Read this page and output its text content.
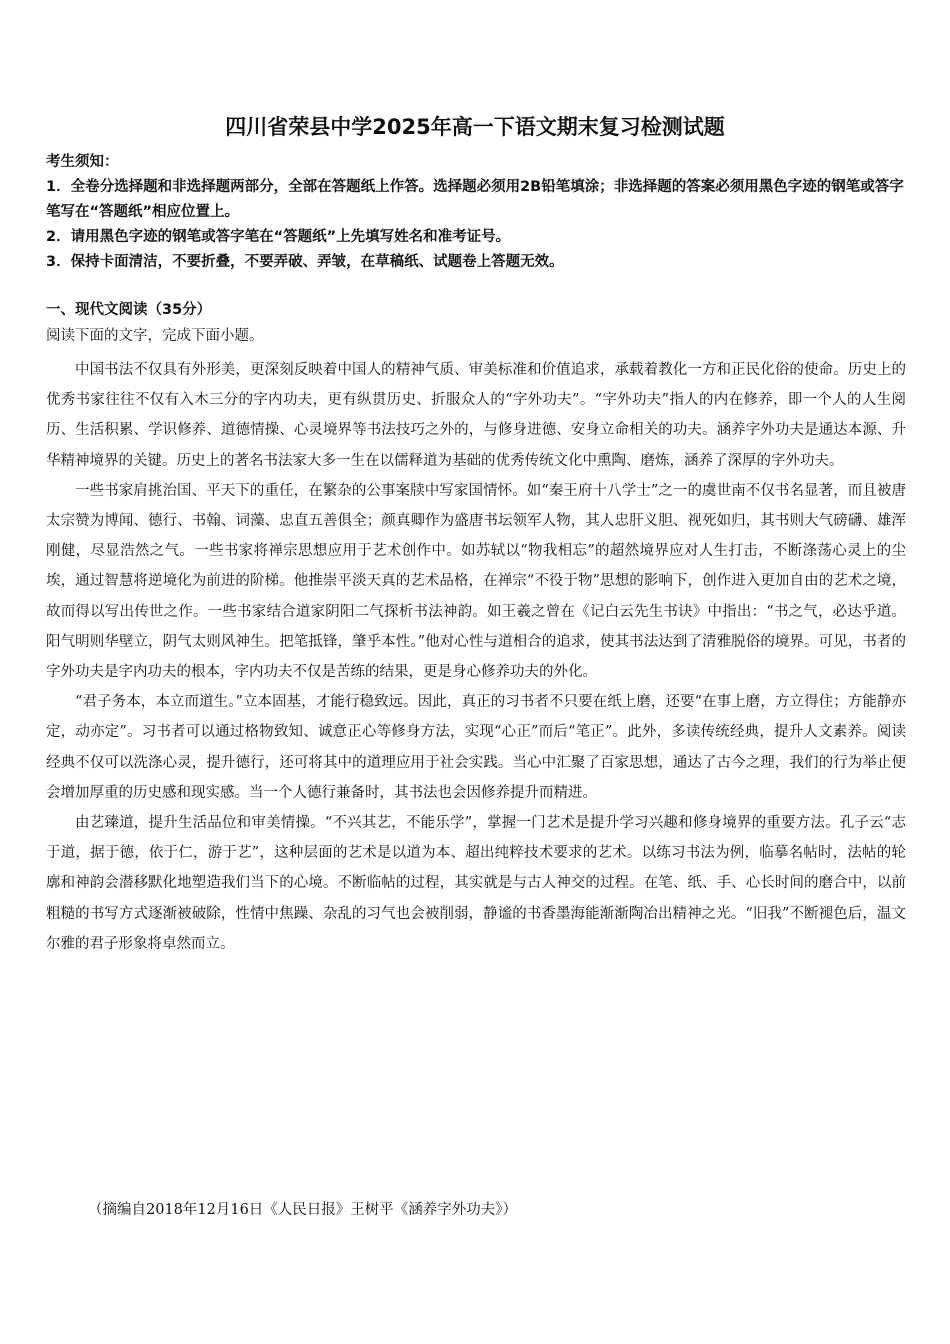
四川省荣县中学2025年高一下语文期末复习检测试题

考生须知：

1．全卷分选择题和非选择题两部分，全部在答题纸上作答。选择题必须用2B铅笔填涂；非选择题的答案必须用黑色字迹的钢笔或答字笔写在“答题纸”相应位置上。

2．请用黑色字迹的钢笔或答字笔在“答题纸”上先填写姓名和准考证号。

3．保持卡面清洁，不要折叠，不要弄破、弄皱，在草稿纸、试题卷上答题无效。

一、现代文阅读（35分）

阅读下面的文字，完成下面小题。

中国书法不仅具有外形美，更深刻反映着中国人的精神气质、审美标准和价值追求，承载着教化一方和正民化俗的使命。历史上的优秀书家往往不仅有入木三分的字内功夫，更有纵贯历史、折服众人的“字外功夫”。“字外功夫”指人的内在修养，即一个人的人生阅历、生活积累、学识修养、道德情操、心灵境界等书法技巧之外的，与修身进德、安身立命相关的功夫。涵养字外功夫是通达本源、升华精神境界的关键。历史上的著名书法家大多一生在以儒释道为基础的优秀传统文化中熏陶、磨炼，涵养了深厚的字外功夫。

一些书家肩挑治国、平天下的重任，在繁杂的公事案牍中写家国情怀。如“秦王府十八学士”之一的虞世南不仅书名显著，而且被唐太宗赞为博闻、德行、书翰、词藻、忠直五善俱全；颜真卿作为盛唐书坛领军人物，其人忠肝义胆、视死如归，其书则大气磅礴、雄浑刚健，尽显浩然之气。一些书家将禅宗思想应用于艺术创作中。如苏轼以“物我相忘”的超然境界应对人生打击，不断涤荡心灵上的尘埃，通过智慧将逆境化为前进的阶梯。他推崇平淡天真的艺术品格，在禅宗“不役于物”思想的影响下，创作进入更加自由的艺术之境，故而得以写出传世之作。一些书家结合道家阴阳二气探析书法神韵。如王羲之曾在《记白云先生书诀》中指出：“书之气，必达乎道。阳气明则华壁立，阴气太则风神生。把笔抵锋，肇乎本性。”他对心性与道相合的追求，使其书法达到了清雅脱俗的境界。可见，书者的字外功夫是字内功夫的根本，字内功夫不仅是苦练的结果，更是身心修养功夫的外化。

“君子务本，本立而道生。”立本固基，才能行稳致远。因此，真正的习书者不只要在纸上磨，还要“在事上磨，方立得住；方能静亦定，动亦定”。习书者可以通过格物致知、诚意正心等修身方法，实现“心正”而后“笔正”。此外，多读传统经典，提升人文素养。阅读经典不仅可以洗涤心灵，提升德行，还可将其中的道理应用于社会实践。当心中汇聚了百家思想，通达了古今之理，我们的行为举止便会增加厚重的历史感和现实感。当一个人德行兼备时，其书法也会因修养提升而精进。

由艺臻道，提升生活品位和审美情操。“不兴其艺，不能乐学”，掌握一门艺术是提升学习兴趣和修身境界的重要方法。孔子云“志于道，据于德，依于仁，游于艺”，这种层面的艺术是以道为本、超出纯粹技术要求的艺术。以练习书法为例，临摹名帖时，法帖的轮廓和神韵会潜移默化地塑造我们当下的心境。不断临帖的过程，其实就是与古人神交的过程。在笔、纸、手、心长时间的磨合中，以前粗糙的书写方式逐渐被破除，性情中焦躁、杂乱的习气也会被削弱，静谧的书香墨海能渐渐陶冶出精神之光。“旧我”不断褪色后，温文尔雅的君子形象将卓然而立。

（摘编自2018年12月16日《人民日报》王树平《涵养字外功夫》）
